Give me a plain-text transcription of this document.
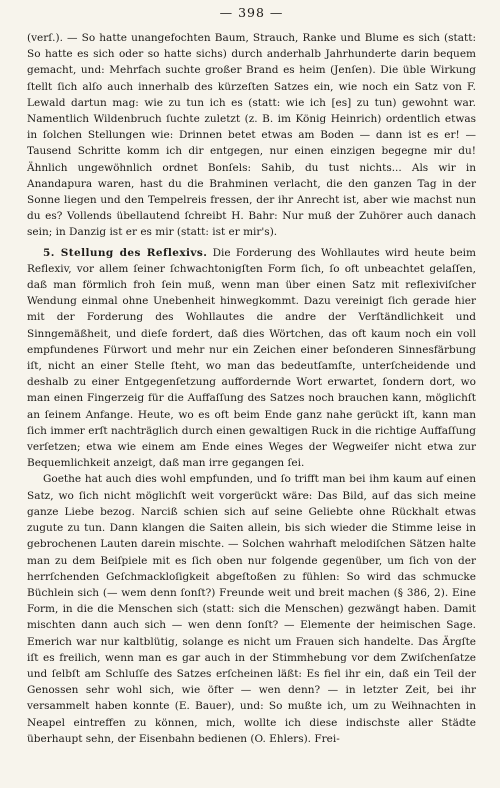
— 398 —

(verſ.). — So hatte unangefochten Baum, Strauch, Ranke und Blume es sich (statt: So hatte es sich oder so hatte sichs) durch anderhalb Jahrhunderte darin bequem gemacht, und: Mehrfach suchte großer Brand es heim (Jenſen). Die üble Wirkung ſtellt ſich alſo auch innerhalb des kürzeſten Satzes ein, wie noch ein Satz von F. Lewald dartun mag: wie zu tun ich es (statt: wie ich [es] zu tun) gewohnt war. Namentlich Wildenbruch ſuchte zuletzt (z. B. im König Heinrich) ordentlich etwas in ſolchen Stellungen wie: Drinnen betet etwas am Boden — dann ist es er! — Tausend Schritte komm ich dir entgegen, nur einen einzigen begegne mir du! Ähnlich ungewöhnlich ordnet Bonſels: Sahib, du tust nichts... Als wir in Anandapura waren, hast du die Brahminen verlacht, die den ganzen Tag in der Sonne liegen und den Tempelreis fressen, der ihr Anrecht ist, aber wie machst nun du es? Vollends übellautend ſchreibt H. Bahr: Nur muß der Zuhörer auch danach sein; in Danzig ist er es mir (statt: ist er mir's).

5. Stellung des Reflexivs. Die Forderung des Wohllautes wird heute beim Reflexiv, vor allem ſeiner ſchwachtonigſten Form ſich, ſo oft unbeachtet gelaſſen, daß man förmlich froh ſein muß, wenn man über einen Satz mit reflexiviſcher Wendung einmal ohne Unebenheit hinwegkommt. Dazu vereinigt ſich gerade hier mit der Forderung des Wohllautes die andre der Verſtändlichkeit und Sinngemäßheit, und dieſe fordert, daß dies Wörtchen, das oft kaum noch ein voll empfundenes Fürwort und mehr nur ein Zeichen einer beſonderen Sinnesfärbung iſt, nicht an einer Stelle ſteht, wo man das bedeutſamſte, unterſcheidende und deshalb zu einer Entgegenſetzung auffordernde Wort erwartet, ſondern dort, wo man einen Fingerzeig für die Auffaſſung des Satzes noch brauchen kann, möglichſt an ſeinem Anfange. Heute, wo es oft beim Ende ganz nahe gerückt iſt, kann man ſich immer erſt nachträglich durch einen gewaltigen Ruck in die richtige Auffaſſung verſetzen; etwa wie einem am Ende eines Weges der Wegweiſer nicht etwa zur Bequemlichkeit anzeigt, daß man irre gegangen ſei.

Goethe hat auch dies wohl empfunden, und ſo trifft man bei ihm kaum auf einen Satz, wo ſich nicht möglichſt weit vorgerückt wäre: Das Bild, auf das sich meine ganze Liebe bezog. Narciß schien sich auf seine Geliebte ohne Rückhalt etwas zugute zu tun. Dann klangen die Saiten allein, bis sich wieder die Stimme leise in gebrochenen Lauten darein mischte. — Solchen wahrhaft melodiſchen Sätzen halte man zu dem Beiſpiele mit es ſich oben nur folgende gegenüber, um ſich von der herrſchenden Geſchmackloſigkeit abgeſtoßen zu fühlen: So wird das schmucke Büchlein sich (— wem denn ſonſt?) Freunde weit und breit machen (§ 386, 2). Eine Form, in die die Menschen sich (statt: sich die Menschen) gezwängt haben. Damit mischten dann auch sich — wen denn ſonſt? — Elemente der heimischen Sage. Emerich war nur kaltblütig, solange es nicht um Frauen sich handelte. Das Ärgſte iſt es freilich, wenn man es gar auch in der Stimmhebung vor dem Zwiſchenſatze und ſelbſt am Schluſſe des Satzes erſcheinen läßt: Es fiel ihr ein, daß ein Teil der Genossen sehr wohl sich, wie öfter — wen denn? — in letzter Zeit, bei ihr versammelt haben konnte (E. Bauer), und: So mußte ich, um zu Weihnachten in Neapel eintreffen zu können, mich, wollte ich diese indischste aller Städte überhaupt sehn, der Eisenbahn bedienen (O. Ehlers). Frei-
